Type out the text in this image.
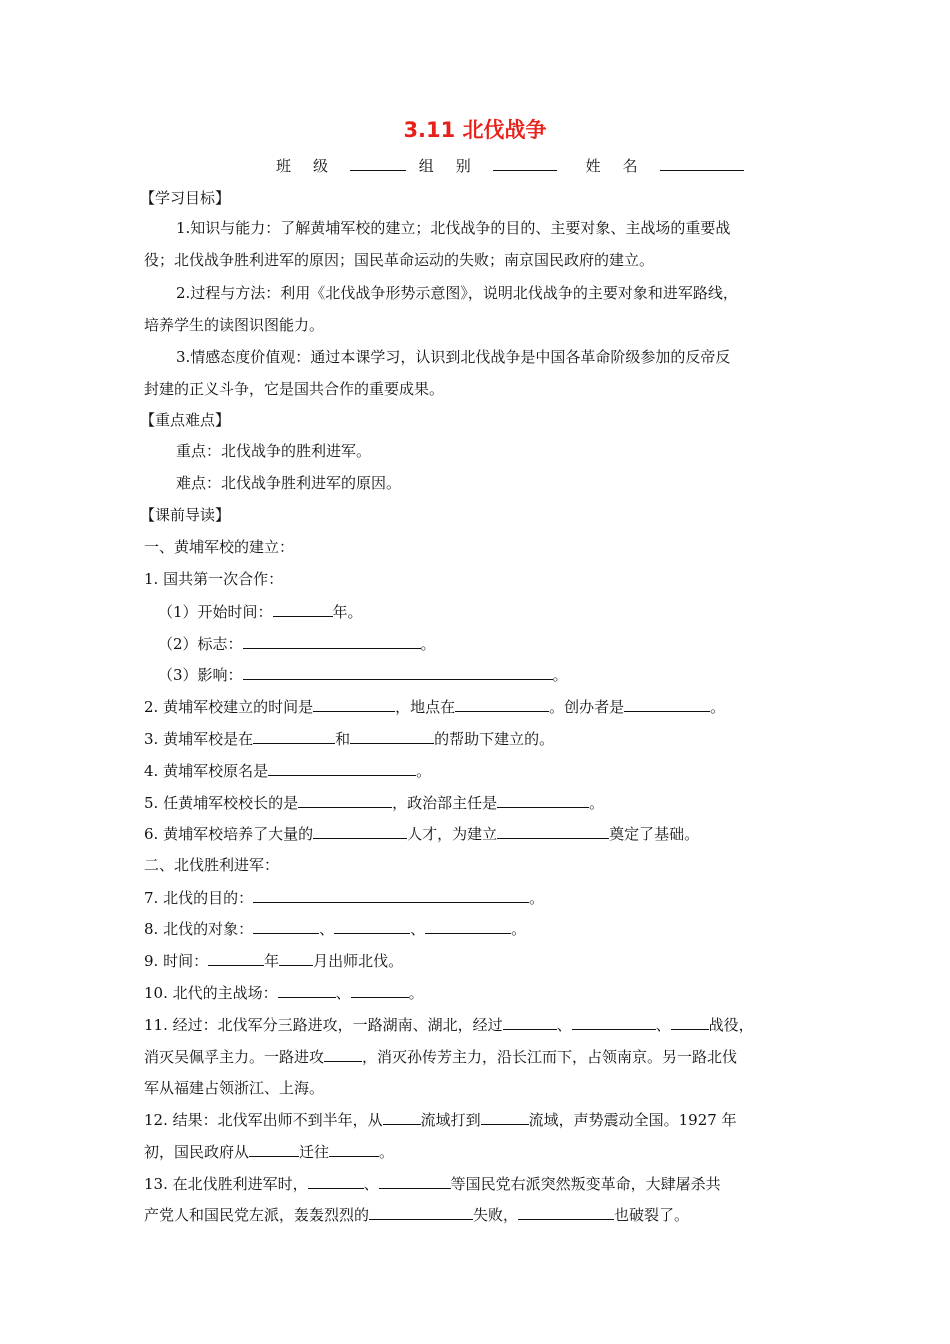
3.11 北伐战争
班级	组别	姓名
【学习目标】
1.知识与能力：了解黄埔军校的建立；北伐战争的目的、主要对象、主战场的重要战
役；北伐战争胜利进军的原因；国民革命运动的失败；南京国民政府的建立。
2.过程与方法：利用《北伐战争形势示意图》，说明北伐战争的主要对象和进军路线，
培养学生的读图识图能力。
3.情感态度价值观：通过本课学习，认识到北伐战争是中国各革命阶级参加的反帝反
封建的正义斗争，它是国共合作的重要成果。
【重点难点】
重点：北伐战争的胜利进军。
难点：北伐战争胜利进军的原因。
【课前导读】
一、黄埔军校的建立：
1. 国共第一次合作：
（1）开始时间：	年。
（2）标志：	。
（3）影响：	。
2. 黄埔军校建立的时间是	，地点在	。创办者是	。
3. 黄埔军校是在	和	的帮助下建立的。
4. 黄埔军校原名是	。
5. 任黄埔军校校长的是	，政治部主任是	。
6. 黄埔军校培养了大量的	人才，为建立	奠定了基础。
二、北伐胜利进军：
7. 北伐的目的：	。
8. 北伐的对象：	、	、	。
9. 时间：	年 月出师北伐。
10. 北代的主战场：	、	。
11. 经过：北伐军分三路进攻，一路湖南、湖北，经过	、	、	战役，
消灭吴佩孚主力。一路进攻	，消灭孙传芳主力，沿长江而下，占领南京。另一路北伐
军从福建占领浙江、上海。
12. 结果：北伐军出师不到半年，从	流域打到	流域，声势震动全国。1927 年
初，国民政府从	迁往	。
13. 在北伐胜利进军时，	、	等国民党右派突然叛变革命，大肆屠杀共
产党人和国民党左派，轰轰烈烈的	失败，	也破裂了。
